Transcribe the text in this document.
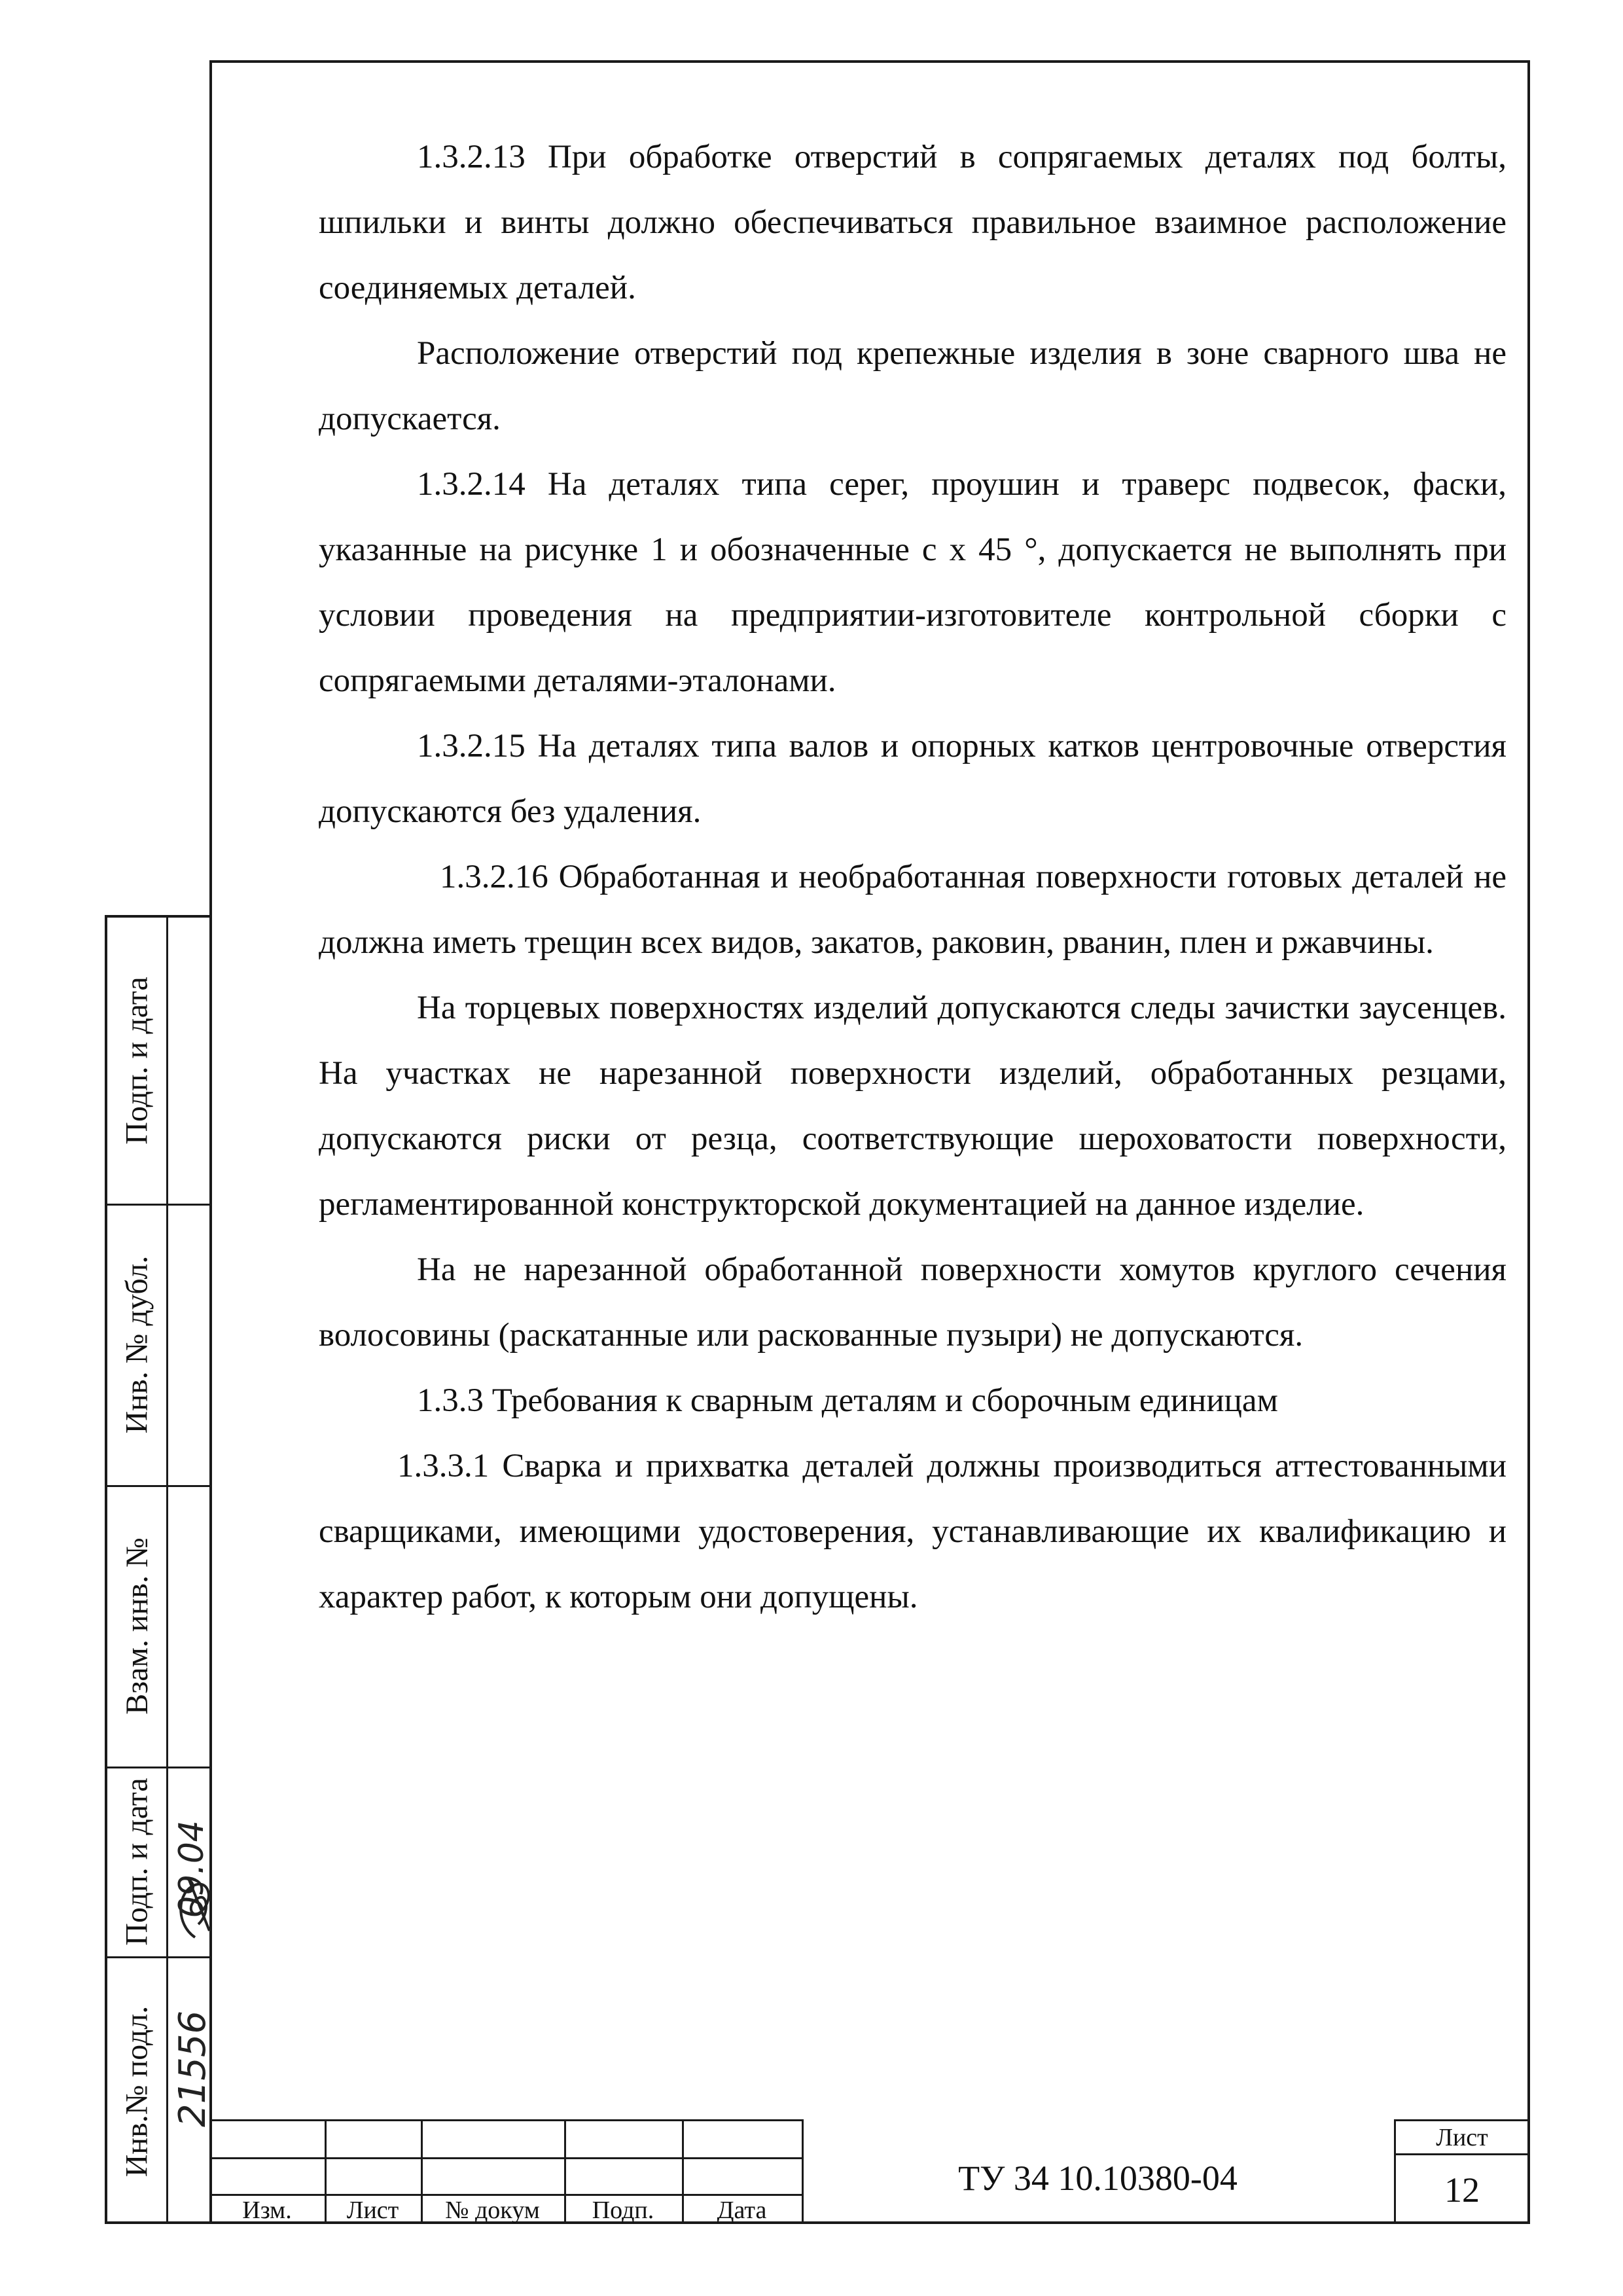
1.3.2.13 При обработке отверстий в сопрягаемых деталях под болты, шпильки и винты должно обеспечиваться правильное взаимное расположение соединяемых деталей.

Расположение отверстий под крепежные изделия в зоне сварного шва не допускается.

1.3.2.14 На деталях типа серег, проушин и траверс подвесок, фаски, указанные на рисунке 1 и обозначенные с х 45 °, допускается не выполнять при условии проведения на предприятии-изготовителе контрольной сборки с сопрягаемыми деталями-эталонами.

1.3.2.15 На деталях типа валов и опорных катков центровочные отверстия допускаются без удаления.

1.3.2.16 Обработанная и необработанная поверхности готовых деталей не должна иметь трещин всех видов, закатов, раковин, рванин, плен и ржавчины.

На торцевых поверхностях изделий допускаются следы зачистки заусенцев. На участках не нарезанной поверхности изделий, обработанных резцами, допускаются риски от резца, соответствующие шероховатости поверхности, регламентированной конструкторской документацией на данное изделие.

На не нарезанной обработанной поверхности хомутов круглого сечения волосовины (раскатанные или раскованные пузыри) не допускаются.

1.3.3 Требования к сварным деталям и сборочным единицам

1.3.3.1 Сварка и прихватка деталей должны производиться аттестованными сварщиками, имеющими удостоверения, устанавливающие их квалификацию и характер работ, к которым они допущены.

Подп. и дата
Инв. № дубл.
Взам. инв. №
Подп. и дата
Инв.№ подл.
09.04
21556
Изм.	Лист	№ докум	Подп.	Дата
ТУ 34 10.10380-04
Лист
12
